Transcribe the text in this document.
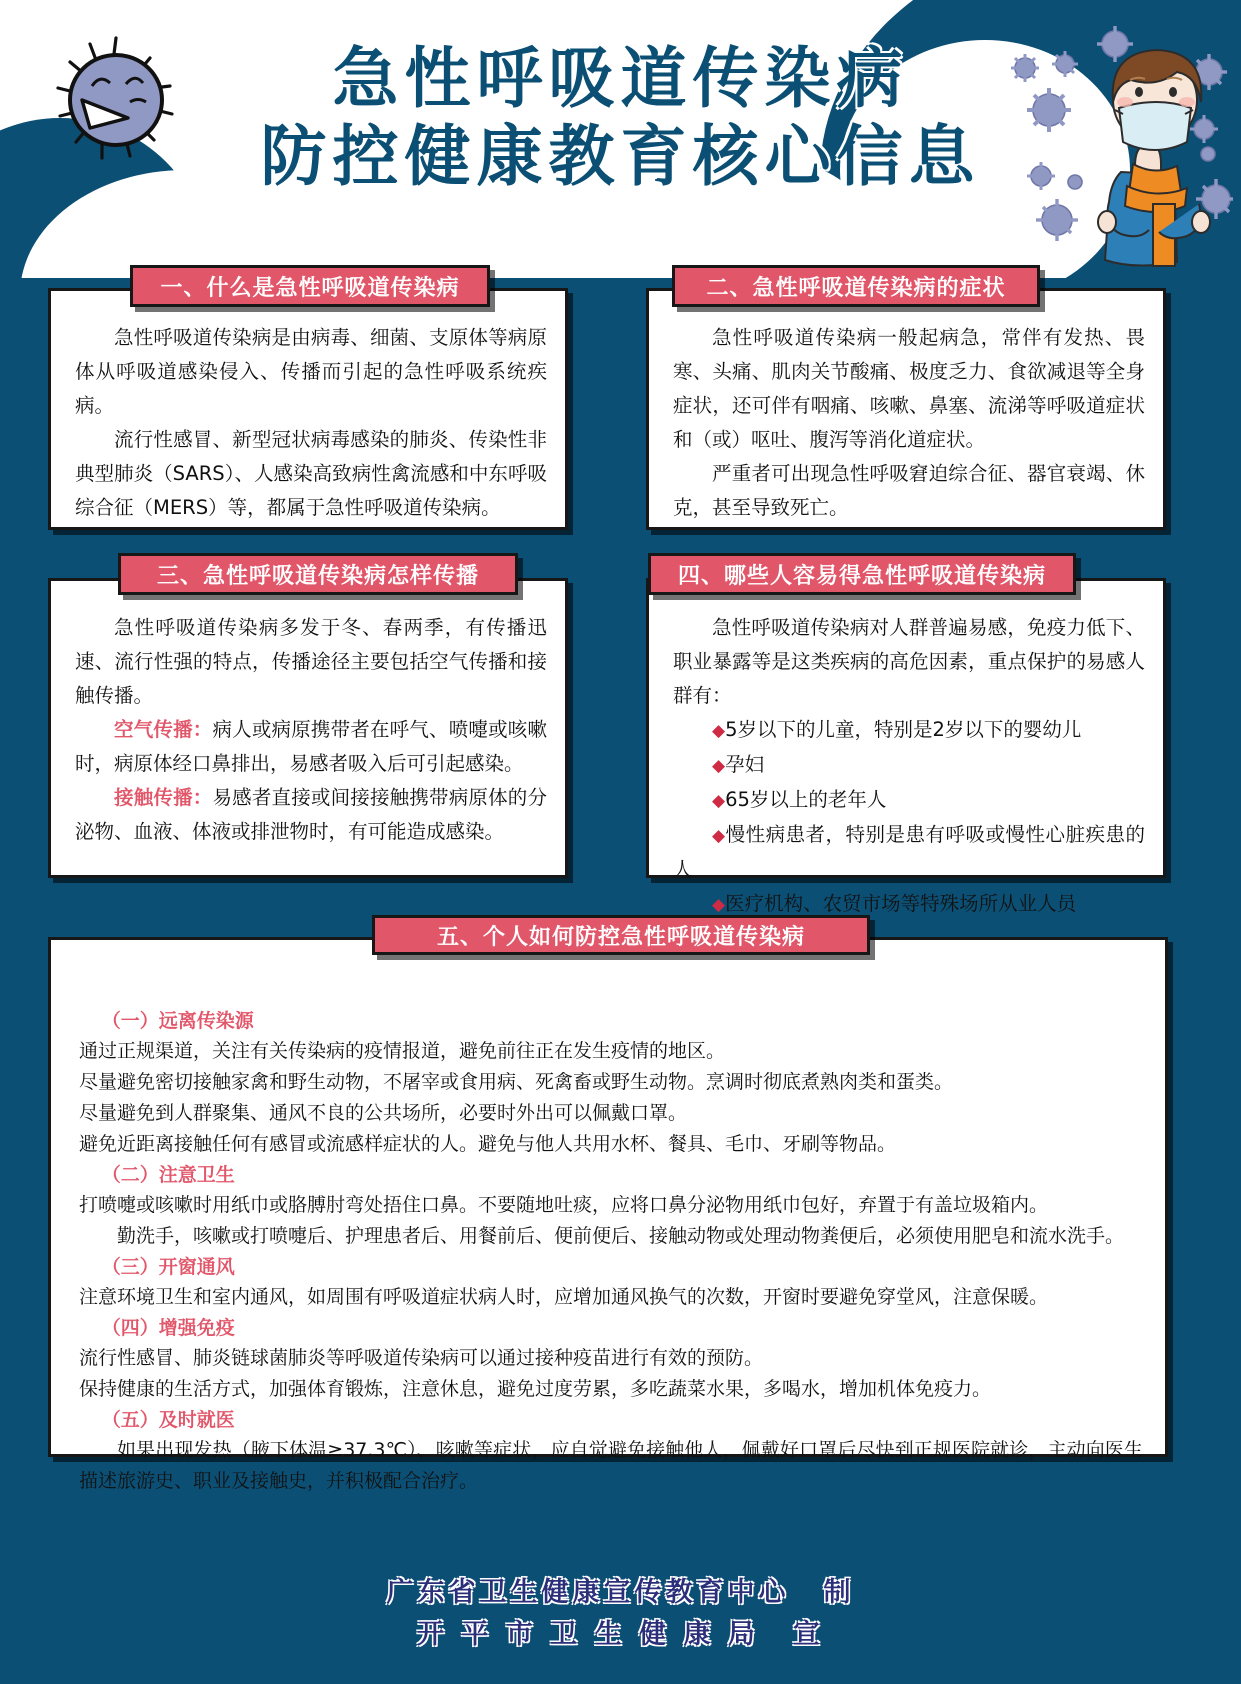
急性呼吸道传染病
防控健康教育核心信息
一、什么是急性呼吸道传染病
急性呼吸道传染病是由病毒、细菌、支原体等病原体从呼吸道感染侵入、传播而引起的急性呼吸系统疾病。
流行性感冒、新型冠状病毒感染的肺炎、传染性非典型肺炎（SARS）、人感染高致病性禽流感和中东呼吸综合征（MERS）等，都属于急性呼吸道传染病。
二、急性呼吸道传染病的症状
急性呼吸道传染病一般起病急，常伴有发热、畏寒、头痛、肌肉关节酸痛、极度乏力、食欲减退等全身症状，还可伴有咽痛、咳嗽、鼻塞、流涕等呼吸道症状和（或）呕吐、腹泻等消化道症状。
严重者可出现急性呼吸窘迫综合征、器官衰竭、休克，甚至导致死亡。
三、急性呼吸道传染病怎样传播
急性呼吸道传染病多发于冬、春两季，有传播迅速、流行性强的特点，传播途径主要包括空气传播和接触传播。
空气传播：病人或病原携带者在呼气、喷嚏或咳嗽时，病原体经口鼻排出，易感者吸入后可引起感染。
接触传播：易感者直接或间接接触携带病原体的分泌物、血液、体液或排泄物时，有可能造成感染。
四、哪些人容易得急性呼吸道传染病
急性呼吸道传染病对人群普遍易感，免疫力低下、职业暴露等是这类疾病的高危因素，重点保护的易感人群有：
◆5岁以下的儿童，特别是2岁以下的婴幼儿
◆孕妇
◆65岁以上的老年人
◆慢性病患者，特别是患有呼吸或慢性心脏疾患的人
◆医疗机构、农贸市场等特殊场所从业人员
五、个人如何防控急性呼吸道传染病
（一）远离传染源
通过正规渠道，关注有关传染病的疫情报道，避免前往正在发生疫情的地区。
尽量避免密切接触家禽和野生动物，不屠宰或食用病、死禽畜或野生动物。烹调时彻底煮熟肉类和蛋类。
尽量避免到人群聚集、通风不良的公共场所，必要时外出可以佩戴口罩。
避免近距离接触任何有感冒或流感样症状的人。避免与他人共用水杯、餐具、毛巾、牙刷等物品。
（二）注意卫生
打喷嚏或咳嗽时用纸巾或胳膊肘弯处捂住口鼻。不要随地吐痰，应将口鼻分泌物用纸巾包好，弃置于有盖垃圾箱内。
勤洗手，咳嗽或打喷嚏后、护理患者后、用餐前后、便前便后、接触动物或处理动物粪便后，必须使用肥皂和流水洗手。
（三）开窗通风
注意环境卫生和室内通风，如周围有呼吸道症状病人时，应增加通风换气的次数，开窗时要避免穿堂风，注意保暖。
（四）增强免疫
流行性感冒、肺炎链球菌肺炎等呼吸道传染病可以通过接种疫苗进行有效的预防。
保持健康的生活方式，加强体育锻炼，注意休息，避免过度劳累，多吃蔬菜水果，多喝水，增加机体免疫力。
（五）及时就医
如果出现发热（腋下体温≥37.3℃）、咳嗽等症状，应自觉避免接触他人，佩戴好口罩后尽快到正规医院就诊，主动向医生描述旅游史、职业及接触史，并积极配合治疗。
广东省卫生健康宣传教育中心 制
开 平 市 卫 生 健 康 局 宣
